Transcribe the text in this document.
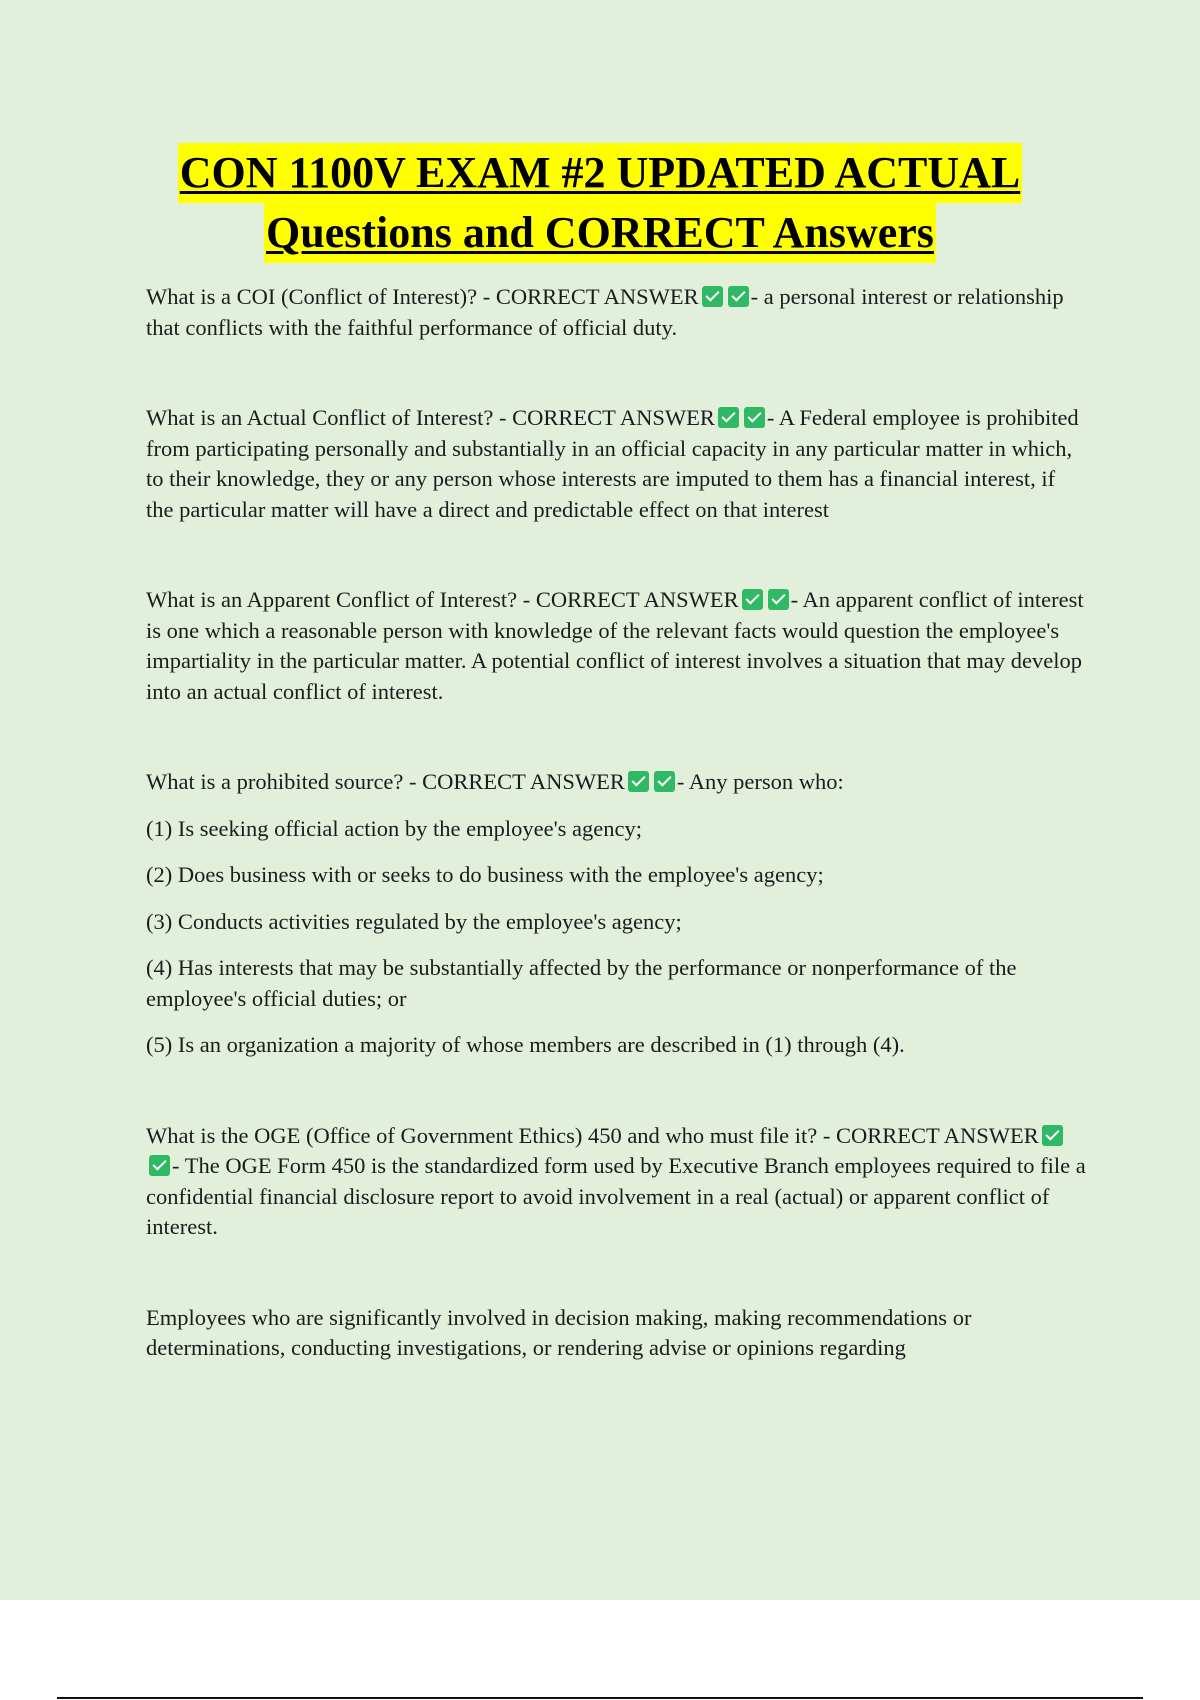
CON 1100V EXAM #2 UPDATED ACTUAL
Questions and CORRECT Answers

What is a COI (Conflict of Interest)? - CORRECT ANSWER - a personal interest or relationship that conflicts with the faithful performance of official duty.

What is an Actual Conflict of Interest? - CORRECT ANSWER - A Federal employee is prohibited from participating personally and substantially in an official capacity in any particular matter in which, to their knowledge, they or any person whose interests are imputed to them has a financial interest, if the particular matter will have a direct and predictable effect on that interest

What is an Apparent Conflict of Interest? - CORRECT ANSWER - An apparent conflict of interest is one which a reasonable person with knowledge of the relevant facts would question the employee's impartiality in the particular matter. A potential conflict of interest involves a situation that may develop into an actual conflict of interest.

What is a prohibited source? - CORRECT ANSWER - Any person who:

(1) Is seeking official action by the employee's agency;

(2) Does business with or seeks to do business with the employee's agency;

(3) Conducts activities regulated by the employee's agency;

(4) Has interests that may be substantially affected by the performance or nonperformance of the employee's official duties; or

(5) Is an organization a majority of whose members are described in (1) through (4).

What is the OGE (Office of Government Ethics) 450 and who must file it? - CORRECT ANSWER- The OGE Form 450 is the standardized form used by Executive Branch employees required to file a confidential financial disclosure report to avoid involvement in a real (actual) or apparent conflict of interest.

Employees who are significantly involved in decision making, making recommendations or determinations, conducting investigations, or rendering advise or opinions regarding
